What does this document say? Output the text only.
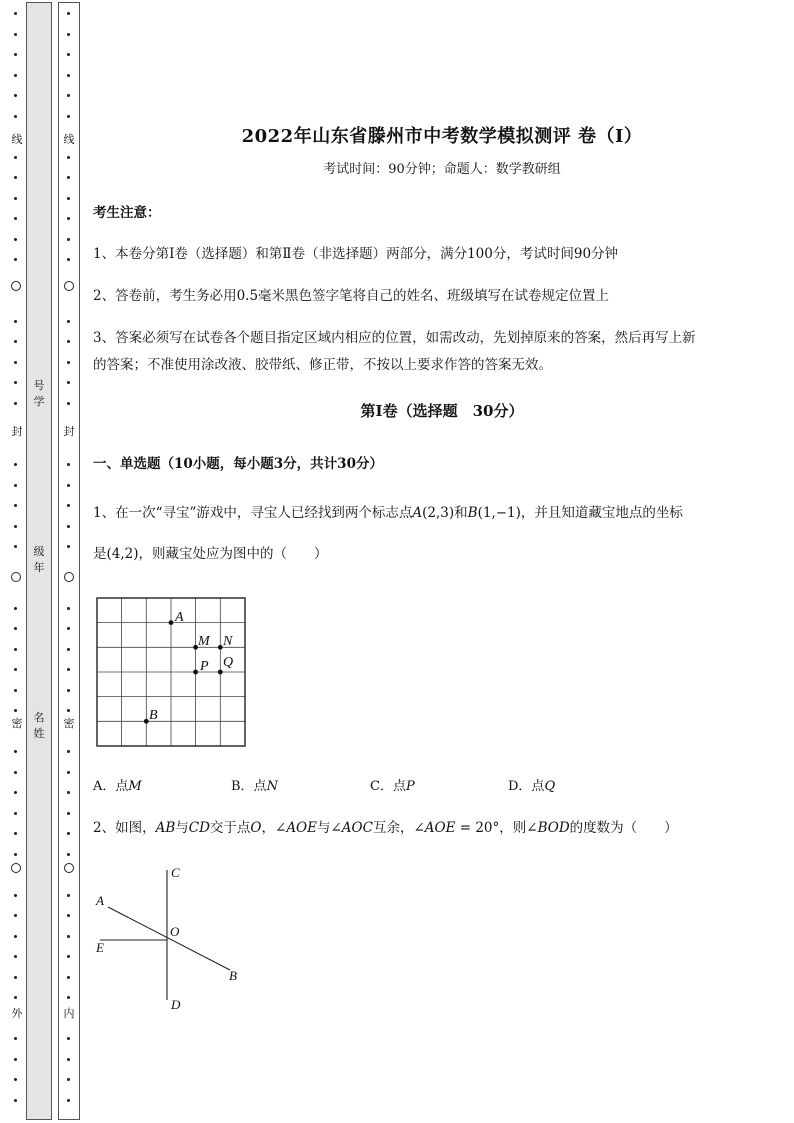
线
封
密
外
线
封
密
内
号学
级年
名姓
2022年山东省滕州市中考数学模拟测评 卷（Ⅰ）
考试时间：90分钟；命题人：数学教研组
考生注意：
1、本卷分第I卷（选择题）和第Ⅱ卷（非选择题）两部分，满分100分，考试时间90分钟
2、答卷前，考生务必用0.5毫米黑色签字笔将自己的姓名、班级填写在试卷规定位置上
3、答案必须写在试卷各个题目指定区域内相应的位置，如需改动，先划掉原来的答案，然后再写上新
的答案；不准使用涂改液、胶带纸、修正带，不按以上要求作答的答案无效。
第I卷（选择题　30分）
一、单选题（10小题，每小题3分，共计30分）
1、在一次“寻宝”游戏中，寻宝人已经找到两个标志点A(2,3)和B(1,−1)，并且知道藏宝地点的坐标
是(4,2)，则藏宝处应为图中的（　　）
A
M N
P Q
B
A．点M	B．点N	C．点P	D．点Q
2、如图，AB与CD交于点O，∠AOE与∠AOC互余，∠AOE = 20°，则∠BOD的度数为（　　）
C
A
O
E
B
D
